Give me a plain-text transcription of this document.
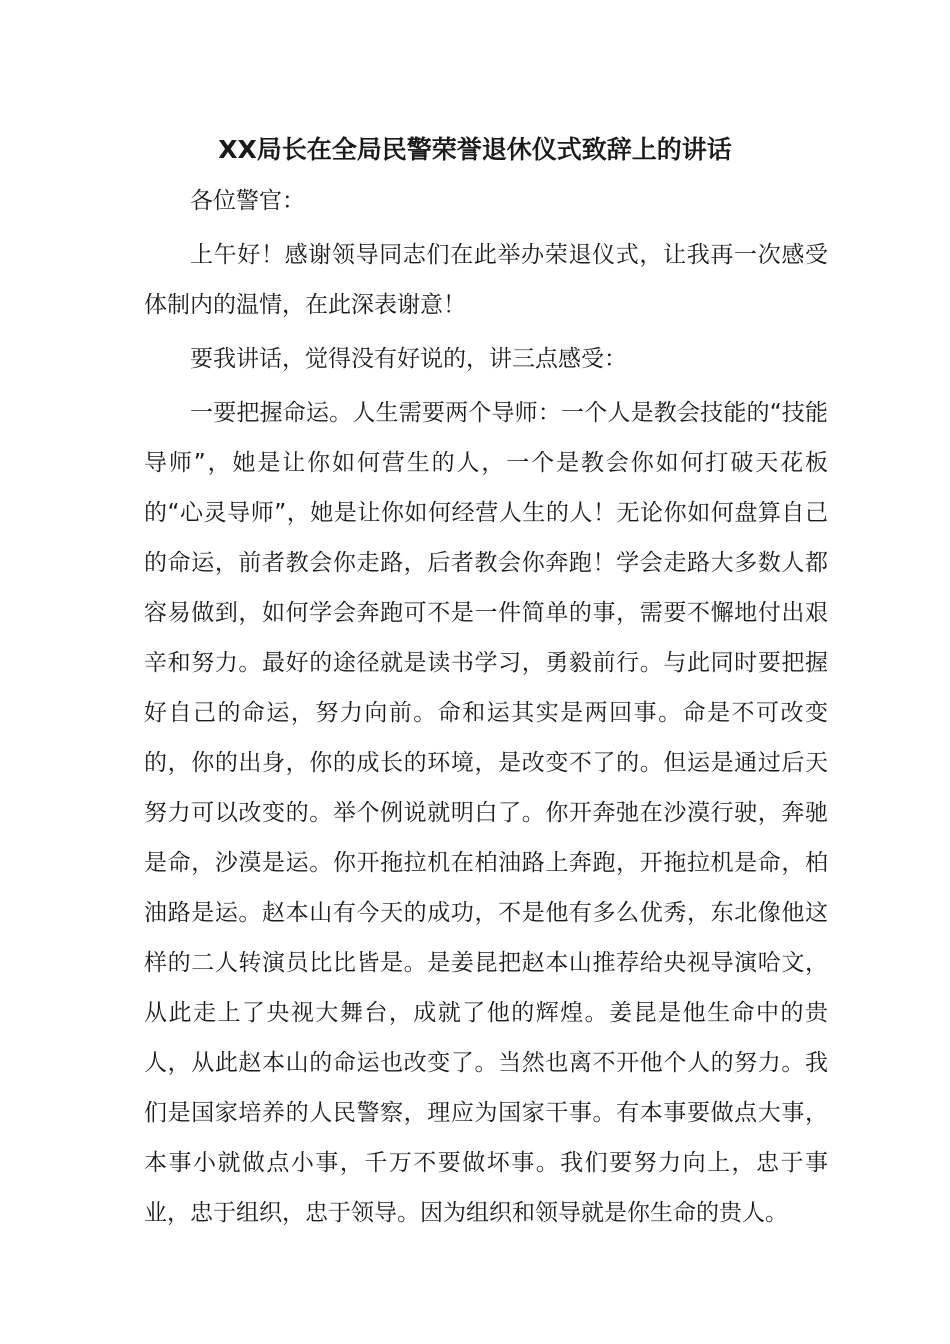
XX局长在全局民警荣誉退休仪式致辞上的讲话

各位警官：

上午好！感谢领导同志们在此举办荣退仪式，让我再一次感受体制内的温情，在此深表谢意！

要我讲话，觉得没有好说的，讲三点感受：

一要把握命运。人生需要两个导师：一个人是教会技能的“技能导师”，她是让你如何营生的人，一个是教会你如何打破天花板的“心灵导师”，她是让你如何经营人生的人！无论你如何盘算自己的命运，前者教会你走路，后者教会你奔跑！学会走路大多数人都容易做到，如何学会奔跑可不是一件简单的事，需要不懈地付出艰辛和努力。最好的途径就是读书学习，勇毅前行。与此同时要把握好自己的命运，努力向前。命和运其实是两回事。命是不可改变的，你的出身，你的成长的环境，是改变不了的。但运是通过后天努力可以改变的。举个例说就明白了。你开奔弛在沙漠行驶，奔驰是命，沙漠是运。你开拖拉机在柏油路上奔跑，开拖拉机是命，柏油路是运。赵本山有今天的成功，不是他有多么优秀，东北像他这样的二人转演员比比皆是。是姜昆把赵本山推荐给央视导演哈文，从此走上了央视大舞台，成就了他的辉煌。姜昆是他生命中的贵人，从此赵本山的命运也改变了。当然也离不开他个人的努力。我们是国家培养的人民警察，理应为国家干事。有本事要做点大事，本事小就做点小事，千万不要做坏事。我们要努力向上，忠于事业，忠于组织，忠于领导。因为组织和领导就是你生命的贵人。
